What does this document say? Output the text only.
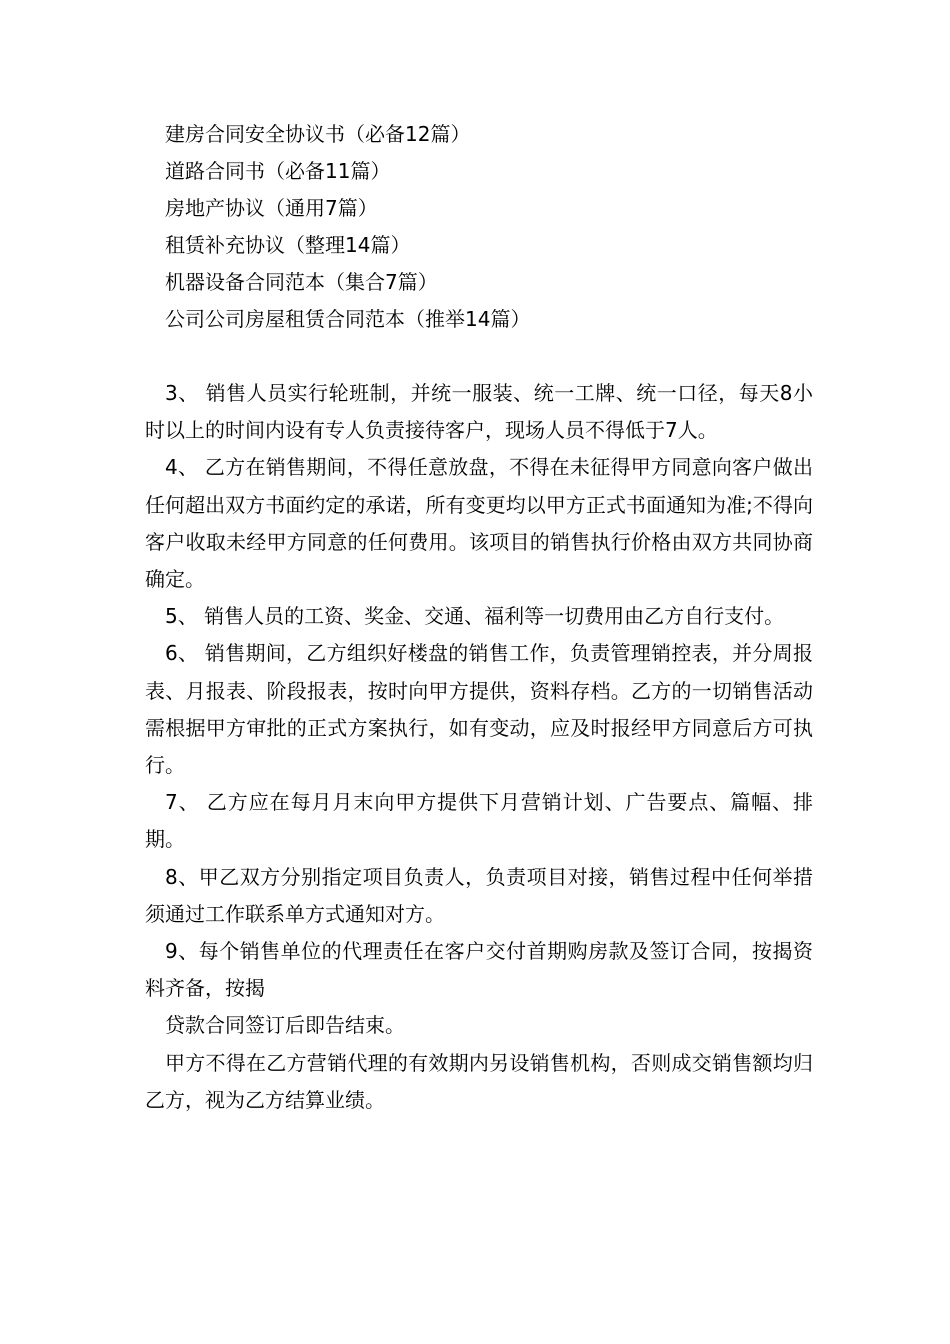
建房合同安全协议书（必备12篇）
道路合同书（必备11篇）
房地产协议（通用7篇）
租赁补充协议（整理14篇）
机器设备合同范本（集合7篇）
公司公司房屋租赁合同范本（推举14篇）

3、 销售人员实行轮班制，并统一服装、统一工牌、统一口径，每天8小时以上的时间内设有专人负责接待客户，现场人员不得低于7人。

4、 乙方在销售期间，不得任意放盘，不得在未征得甲方同意向客户做出任何超出双方书面约定的承诺，所有变更均以甲方正式书面通知为准;不得向客户收取未经甲方同意的任何费用。该项目的销售执行价格由双方共同协商确定。

5、 销售人员的工资、奖金、交通、福利等一切费用由乙方自行支付。

6、 销售期间，乙方组织好楼盘的销售工作，负责管理销控表，并分周报表、月报表、阶段报表，按时向甲方提供，资料存档。乙方的一切销售活动需根据甲方审批的正式方案执行，如有变动，应及时报经甲方同意后方可执行。

7、 乙方应在每月月末向甲方提供下月营销计划、广告要点、篇幅、排期。

8、甲乙双方分别指定项目负责人，负责项目对接，销售过程中任何举措须通过工作联系单方式通知对方。

9、每个销售单位的代理责任在客户交付首期购房款及签订合同，按揭资料齐备，按揭

贷款合同签订后即告结束。

甲方不得在乙方营销代理的有效期内另设销售机构，否则成交销售额均归乙方，视为乙方结算业绩。
